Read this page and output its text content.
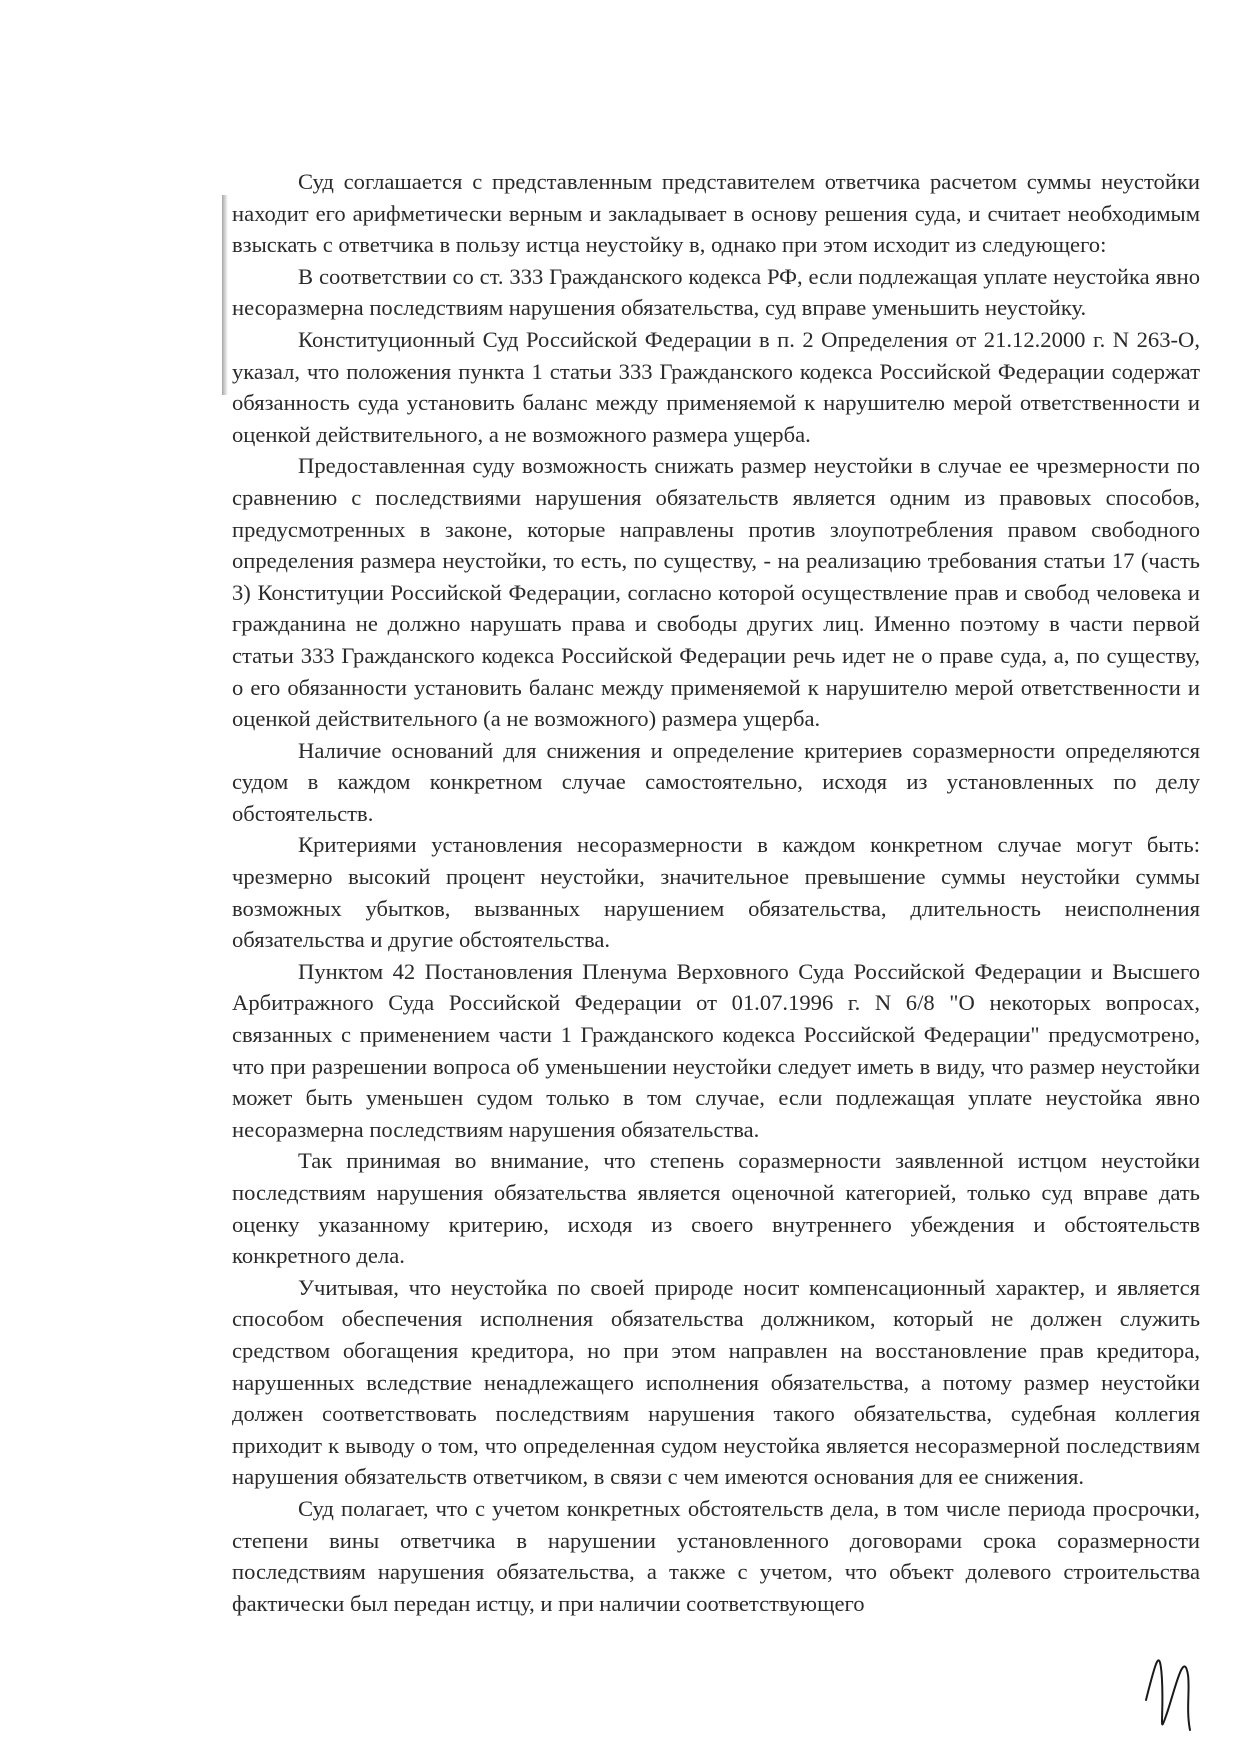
Суд соглашается с представленным представителем ответчика расчетом суммы неустойки находит его арифметически верным и закладывает в основу решения суда, и считает необходимым взыскать с ответчика в пользу истца неустойку в, однако при этом исходит из следующего:

В соответствии со ст. 333 Гражданского кодекса РФ, если подлежащая уплате неустойка явно несоразмерна последствиям нарушения обязательства, суд вправе уменьшить неустойку.

Конституционный Суд Российской Федерации в п. 2 Определения от 21.12.2000 г. N 263-О, указал, что положения пункта 1 статьи 333 Гражданского кодекса Российской Федерации содержат обязанность суда установить баланс между применяемой к нарушителю мерой ответственности и оценкой действительного, а не возможного размера ущерба.

Предоставленная суду возможность снижать размер неустойки в случае ее чрезмерности по сравнению с последствиями нарушения обязательств является одним из правовых способов, предусмотренных в законе, которые направлены против злоупотребления правом свободного определения размера неустойки, то есть, по существу, - на реализацию требования статьи 17 (часть 3) Конституции Российской Федерации, согласно которой осуществление прав и свобод человека и гражданина не должно нарушать права и свободы других лиц. Именно поэтому в части первой статьи 333 Гражданского кодекса Российской Федерации речь идет не о праве суда, а, по существу, о его обязанности установить баланс между применяемой к нарушителю мерой ответственности и оценкой действительного (а не возможного) размера ущерба.

Наличие оснований для снижения и определение критериев соразмерности определяются судом в каждом конкретном случае самостоятельно, исходя из установленных по делу обстоятельств.

Критериями установления несоразмерности в каждом конкретном случае могут быть: чрезмерно высокий процент неустойки, значительное превышение суммы неустойки суммы возможных убытков, вызванных нарушением обязательства, длительность неисполнения обязательства и другие обстоятельства.

Пунктом 42 Постановления Пленума Верховного Суда Российской Федерации и Высшего Арбитражного Суда Российской Федерации от 01.07.1996 г. N 6/8 "О некоторых вопросах, связанных с применением части 1 Гражданского кодекса Российской Федерации" предусмотрено, что при разрешении вопроса об уменьшении неустойки следует иметь в виду, что размер неустойки может быть уменьшен судом только в том случае, если подлежащая уплате неустойка явно несоразмерна последствиям нарушения обязательства.

Так принимая во внимание, что степень соразмерности заявленной истцом неустойки последствиям нарушения обязательства является оценочной категорией, только суд вправе дать оценку указанному критерию, исходя из своего внутреннего убеждения и обстоятельств конкретного дела.

Учитывая, что неустойка по своей природе носит компенсационный характер, и является способом обеспечения исполнения обязательства должником, который не должен служить средством обогащения кредитора, но при этом направлен на восстановление прав кредитора, нарушенных вследствие ненадлежащего исполнения обязательства, а потому размер неустойки должен соответствовать последствиям нарушения такого обязательства, судебная коллегия приходит к выводу о том, что определенная судом неустойка является несоразмерной последствиям нарушения обязательств ответчиком, в связи с чем имеются основания для ее снижения.

Суд полагает, что с учетом конкретных обстоятельств дела, в том числе периода просрочки, степени вины ответчика в нарушении установленного договорами срока соразмерности последствиям нарушения обязательства, а также с учетом, что объект долевого строительства фактически был передан истцу, и при наличии соответствующего
